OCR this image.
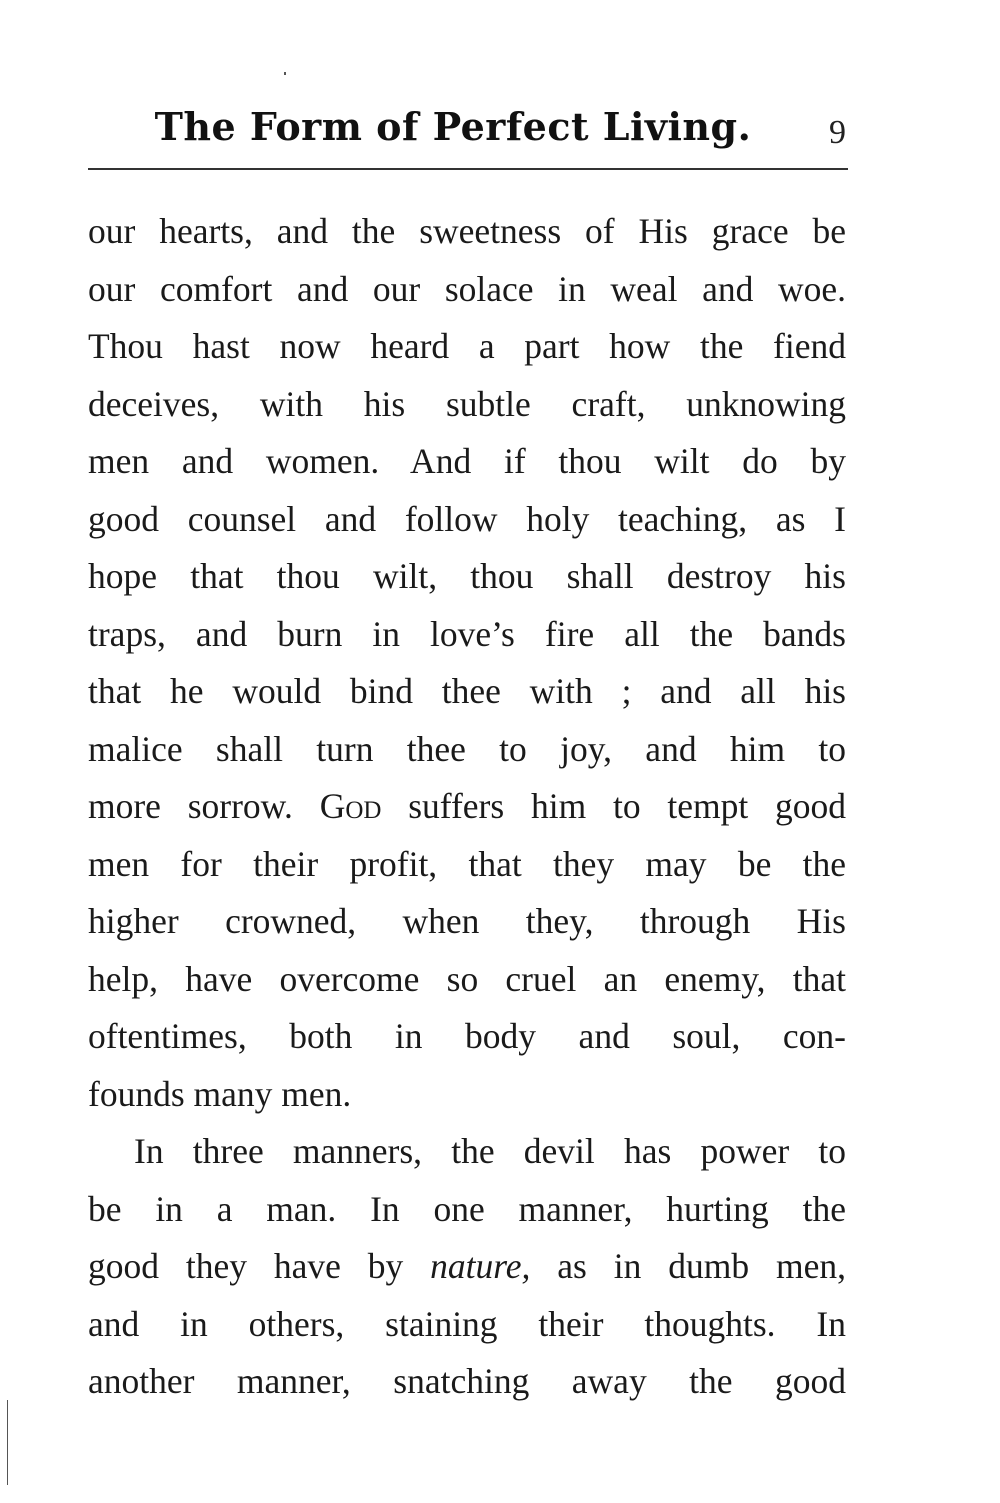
The Form of Perfect Living.	9
our hearts, and the sweetness of His grace be
our comfort and our solace in weal and woe.
Thou hast now heard a part how the fiend
deceives, with his subtle craft, unknowing
men and women. And if thou wilt do by
good counsel and follow holy teaching, as I
hope that thou wilt, thou shall destroy his
traps, and burn in love’s fire all the bands
that he would bind thee with ; and all his
malice shall turn thee to joy, and him to
more sorrow. God suffers him to tempt good
men for their profit, that they may be the
higher crowned, when they, through His
help, have overcome so cruel an enemy, that
oftentimes, both in body and soul, con-
founds many men.
In three manners, the devil has power to
be in a man. In one manner, hurting the
good they have by nature, as in dumb men,
and in others, staining their thoughts. In
another manner, snatching away the good
